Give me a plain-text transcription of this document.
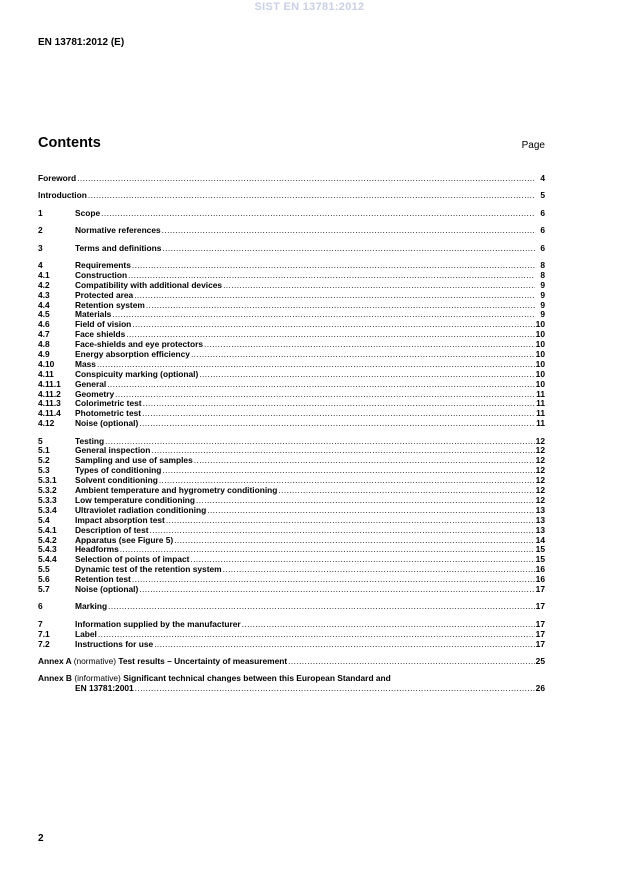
SIST EN 13781:2012
EN 13781:2012 (E)
Contents	Page
Foreword .....	4
Introduction .....	5
1	Scope .....	6
2	Normative references .....	6
3	Terms and definitions .....	6
4	Requirements .....	8
4.1	Construction .....	8
4.2	Compatibility with additional devices .....	9
4.3	Protected area .....	9
4.4	Retention system .....	9
4.5	Materials .....	9
4.6	Field of vision .....	10
4.7	Face shields .....	10
4.8	Face-shields and eye protectors .....	10
4.9	Energy absorption efficiency .....	10
4.10	Mass .....	10
4.11	Conspicuity marking (optional) .....	10
4.11.1	General .....	10
4.11.2	Geometry .....	11
4.11.3	Colorimetric test .....	11
4.11.4	Photometric test .....	11
4.12	Noise (optional) .....	11
5	Testing .....	12
5.1	General inspection .....	12
5.2	Sampling and use of samples .....	12
5.3	Types of conditioning .....	12
5.3.1	Solvent conditioning .....	12
5.3.2	Ambient temperature and hygrometry conditioning .....	12
5.3.3	Low temperature conditioning .....	12
5.3.4	Ultraviolet radiation conditioning .....	13
5.4	Impact absorption test .....	13
5.4.1	Description of test .....	13
5.4.2	Apparatus (see Figure 5) .....	14
5.4.3	Headforms .....	15
5.4.4	Selection of points of impact .....	15
5.5	Dynamic test of the retention system .....	16
5.6	Retention test .....	16
5.7	Noise (optional) .....	17
6	Marking .....	17
7	Information supplied by the manufacturer .....	17
7.1	Label .....	17
7.2	Instructions for use .....	17
Annex A (normative) Test results – Uncertainty of measurement .....	25
Annex B (informative) Significant technical changes between this European Standard and
EN 13781:2001 .....	26
2
